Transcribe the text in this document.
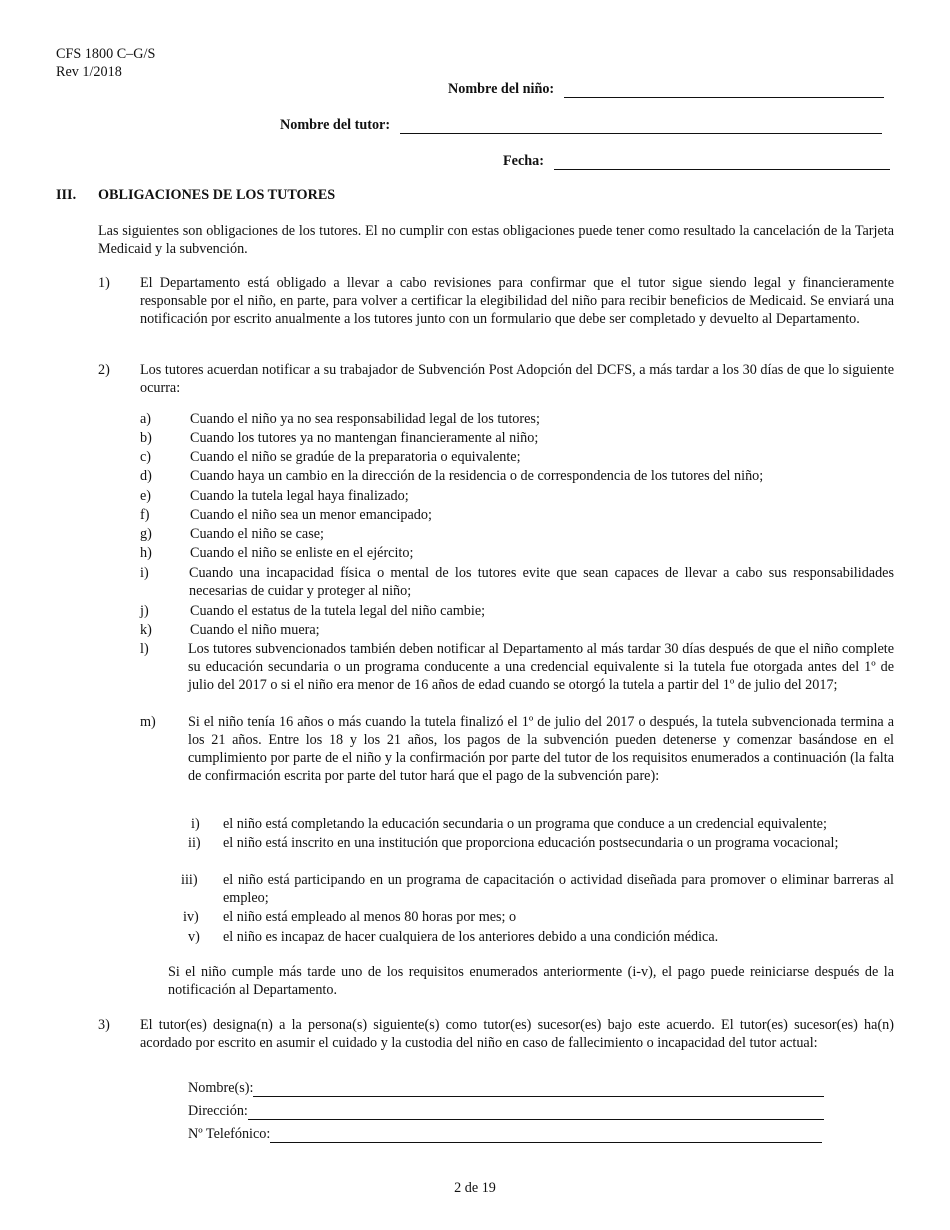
CFS 1800 C–G/S
Rev 1/2018
Nombre del niño:
Nombre del tutor:
Fecha:
III. OBLIGACIONES DE LOS TUTORES

Las siguientes son obligaciones de los tutores. El no cumplir con estas obligaciones puede tener como resultado la cancelación de la Tarjeta Medicaid y la subvención.

1) El Departamento está obligado a llevar a cabo revisiones para confirmar que el tutor sigue siendo legal y financieramente responsable por el niño, en parte, para volver a certificar la elegibilidad del niño para recibir beneficios de Medicaid. Se enviará una notificación por escrito anualmente a los tutores junto con un formulario que debe ser completado y devuelto al Departamento.

2) Los tutores acuerdan notificar a su trabajador de Subvención Post Adopción del DCFS, a más tardar a los 30 días de que lo siguiente ocurra:

a)	Cuando el niño ya no sea responsabilidad legal de los tutores;

b)	Cuando los tutores ya no mantengan financieramente al niño;

c)	Cuando el niño se gradúe de la preparatoria o equivalente;

d)	Cuando haya un cambio en la dirección de la residencia o de correspondencia de los tutores del niño;

e)	Cuando la tutela legal haya finalizado;

f)	Cuando el niño sea un menor emancipado;

g)	Cuando el niño se case;

h)	Cuando el niño se enliste en el ejército;

i)	Cuando una incapacidad física o mental de los tutores evite que sean capaces de llevar a cabo sus responsabilidades necesarias de cuidar y proteger al niño;

j)	Cuando el estatus de la tutela legal del niño cambie;

k)	Cuando el niño muera;

l)	Los tutores subvencionados también deben notificar al Departamento al más tardar 30 días después de que el niño complete su educación secundaria o un programa conducente a una credencial equivalente si la tutela fue otorgada antes del 1º de julio del 2017 o si el niño era menor de 16 años de edad cuando se otorgó la tutela a partir del 1º de julio del 2017;

m) Si el niño tenía 16 años o más cuando la tutela finalizó el 1º de julio del 2017 o después, la tutela subvencionada termina a los 21 años. Entre los 18 y los 21 años, los pagos de la subvención pueden detenerse y comenzar basándose en el cumplimiento por parte de el niño y la confirmación por parte del tutor de los requisitos enumerados a continuación (la falta de confirmación escrita por parte del tutor hará que el pago de la subvención pare):

i) el niño está completando la educación secundaria o un programa que conduce a un credencial equivalente;

ii) el niño está inscrito en una institución que proporciona educación postsecundaria o un programa vocacional;

iii) el niño está participando en un programa de capacitación o actividad diseñada para promover o eliminar barreras al empleo;

iv) el niño está empleado al menos 80 horas por mes; o

v) el niño es incapaz de hacer cualquiera de los anteriores debido a una condición médica.

Si el niño cumple más tarde uno de los requisitos enumerados anteriormente (i-v), el pago puede reiniciarse después de la notificación al Departamento.

3) El tutor(es) designa(n) a la persona(s) siguiente(s) como tutor(es) sucesor(es) bajo este acuerdo. El tutor(es) sucesor(es) ha(n) acordado por escrito en asumir el cuidado y la custodia del niño en caso de fallecimiento o incapacidad del tutor actual:

Nombre(s):
Dirección:
Nº Telefónico:
2 de 19
